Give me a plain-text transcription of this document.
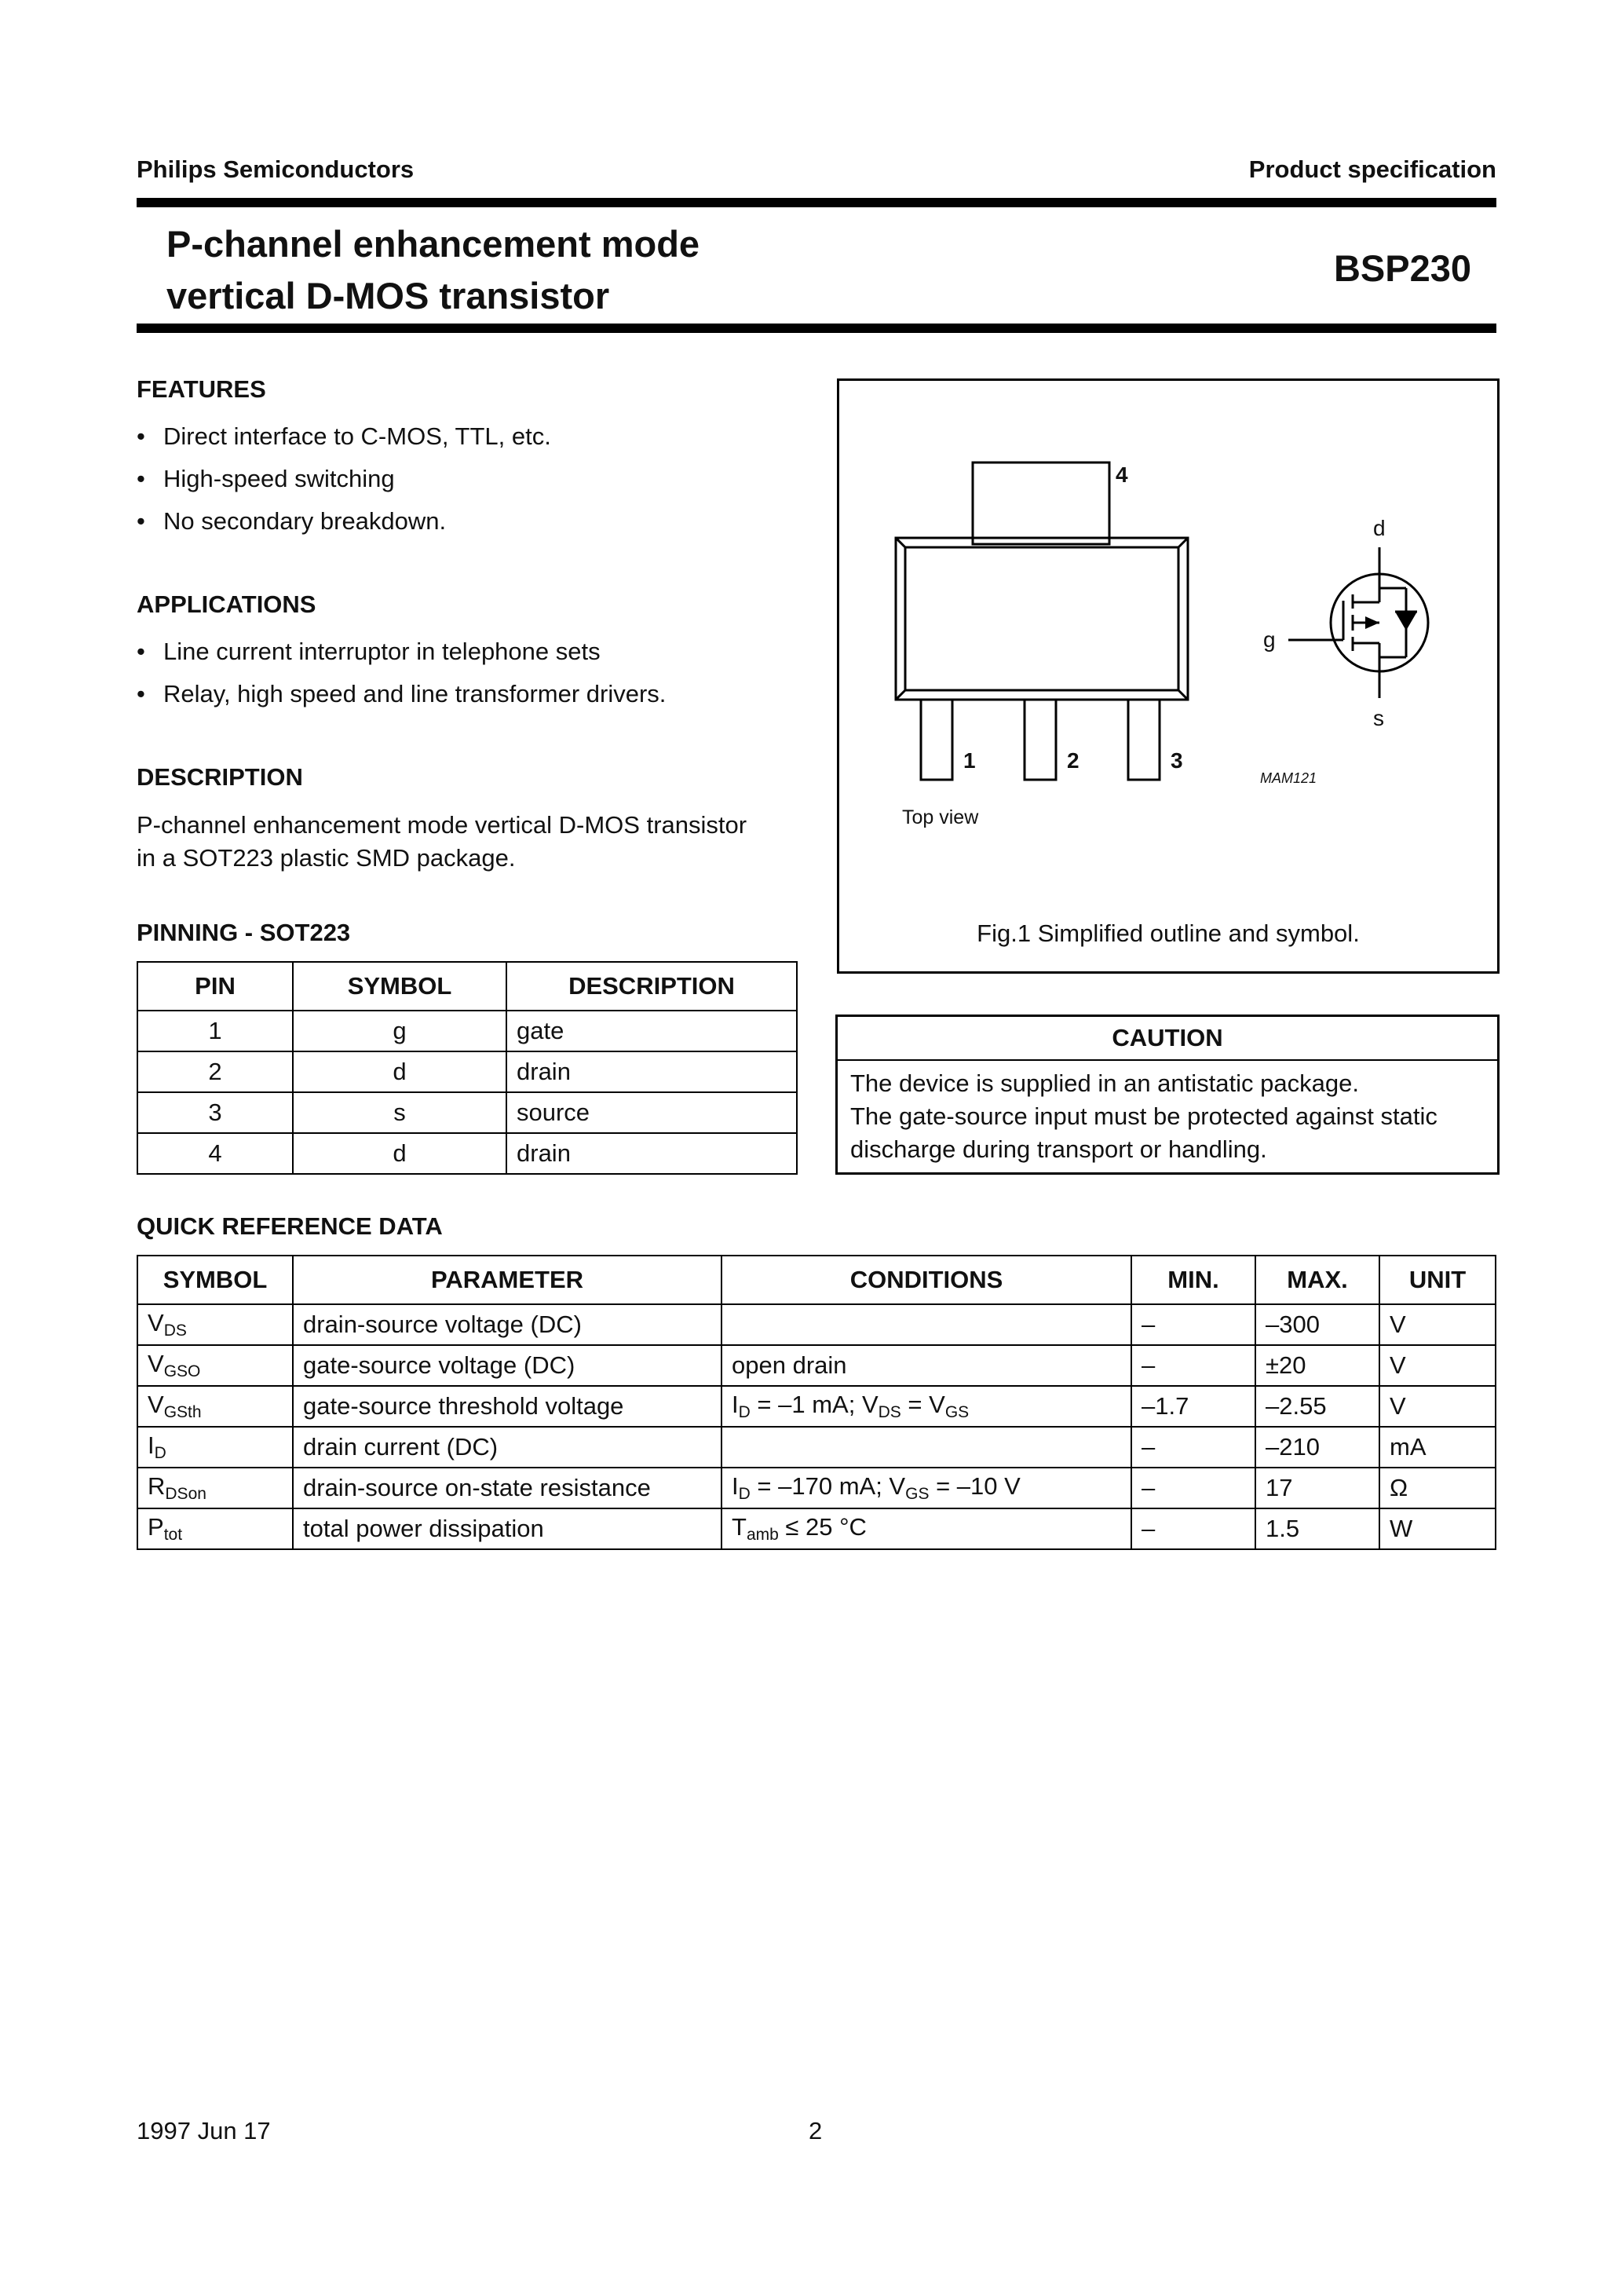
Philips Semiconductors	Product specification
P-channel enhancement mode
vertical D-MOS transistor
BSP230
FEATURES
• Direct interface to C-MOS, TTL, etc.
• High-speed switching
• No secondary breakdown.
APPLICATIONS
• Line current interruptor in telephone sets
• Relay, high speed and line transformer drivers.
DESCRIPTION
P-channel enhancement mode vertical D-MOS transistor
in a SOT223 plastic SMD package.
PINNING - SOT223
PIN	SYMBOL	DESCRIPTION
1	g	gate
2	d	drain
3	s	source
4	d	drain
4
1	2	3
d
g
s
MAM121
Top view
Fig.1 Simplified outline and symbol.
CAUTION
The device is supplied in an antistatic package.
The gate-source input must be protected against static
discharge during transport or handling.
QUICK REFERENCE DATA
SYMBOL	PARAMETER	CONDITIONS	MIN.	MAX.	UNIT
$V_{DS}$	drain-source voltage (DC)		–	–300	V
$V_{GSO}$	gate-source voltage (DC)	open drain	–	±20	V
$V_{GSth}$	gate-source threshold voltage	$I_D = -1$ mA; $V_{DS} = V_{GS}$	–1.7	–2.55	V
$I_D$	drain current (DC)		–	–210	mA
$R_{DSon}$	drain-source on-state resistance	$I_D = -170$ mA; $V_{GS} = -10$ V	–	17	Ω
$P_{tot}$	total power dissipation	$T_{amb} \le 25$ °C	–	1.5	W
1997 Jun 17	2
